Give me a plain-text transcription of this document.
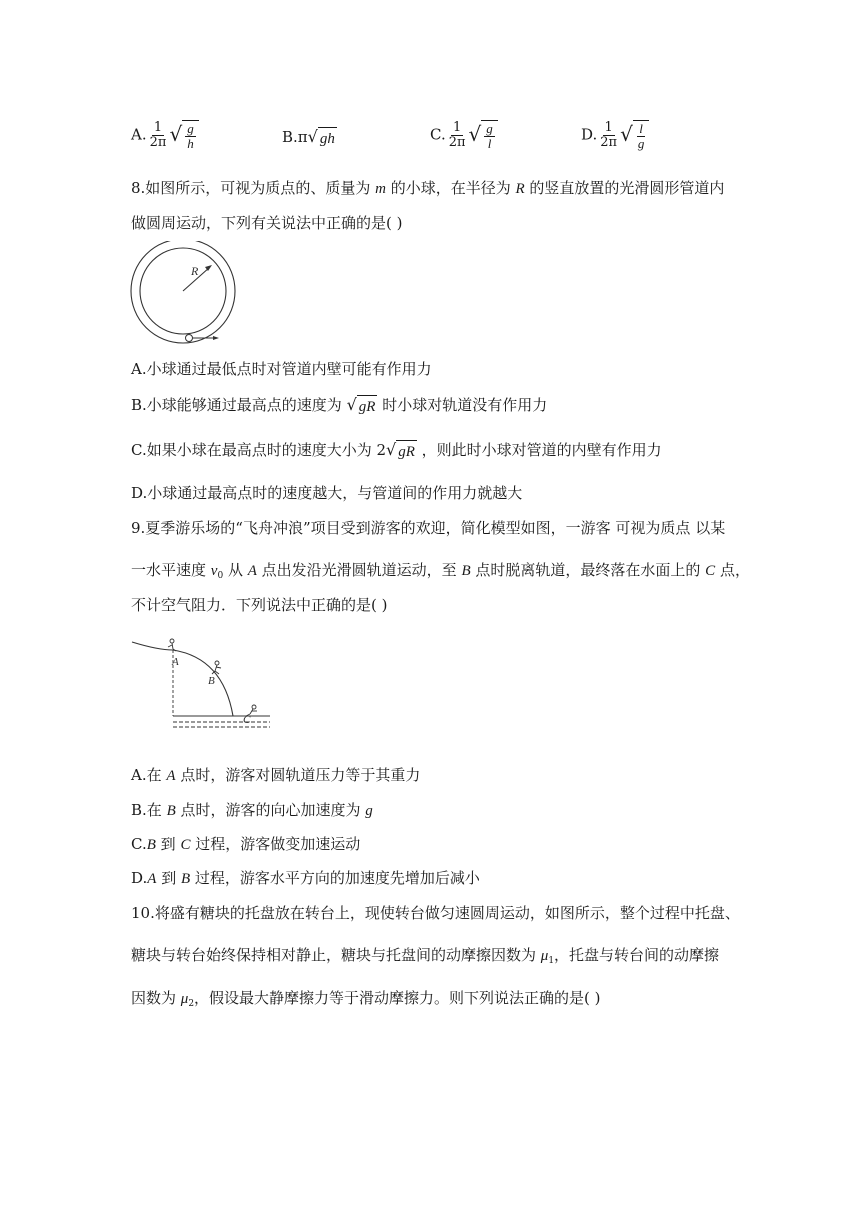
A. $\frac{1}{2\pi}$ √ $\frac{g}{h}$	B.π √ gh	C. $\frac{1}{2\pi}$ √ $\frac{g}{l}$	D. $\frac{1}{2\pi}$ √ $\frac{l}{g}$
8.如图所示，可视为质点的、质量为 m 的小球，在半径为 R 的竖直放置的光滑圆形管道内
做圆周运动，下列有关说法中正确的是( )
R
A.小球通过最低点时对管道内壁可能有作用力
B.小球能够通过最高点的速度为 √ gR 时小球对轨道没有作用力
C.如果小球在最高点时的速度大小为 2 √ gR ，则此时小球对管道的内壁有作用力
D.小球通过最高点时的速度越大，与管道间的作用力就越大
9.夏季游乐场的“飞舟冲浪”项目受到游客的欢迎，简化模型如图，一游客 可视为质点 以某
一水平速度 $v_0$ 从 A 点出发沿光滑圆轨道运动，至 B 点时脱离轨道，最终落在水面上的 C 点，
不计空气阻力．下列说法中正确的是( )
A
B
C
A.在 A 点时，游客对圆轨道压力等于其重力
B.在 B 点时，游客的向心加速度为 g
C.B 到 C 过程，游客做变加速运动
D.A 到 B 过程，游客水平方向的加速度先增加后减小
10.将盛有糖块的托盘放在转台上，现使转台做匀速圆周运动，如图所示，整个过程中托盘、
糖块与转台始终保持相对静止，糖块与托盘间的动摩擦因数为 $\mu_1$，托盘与转台间的动摩擦
因数为 $\mu_2$，假设最大静摩擦力等于滑动摩擦力。则下列说法正确的是( )
